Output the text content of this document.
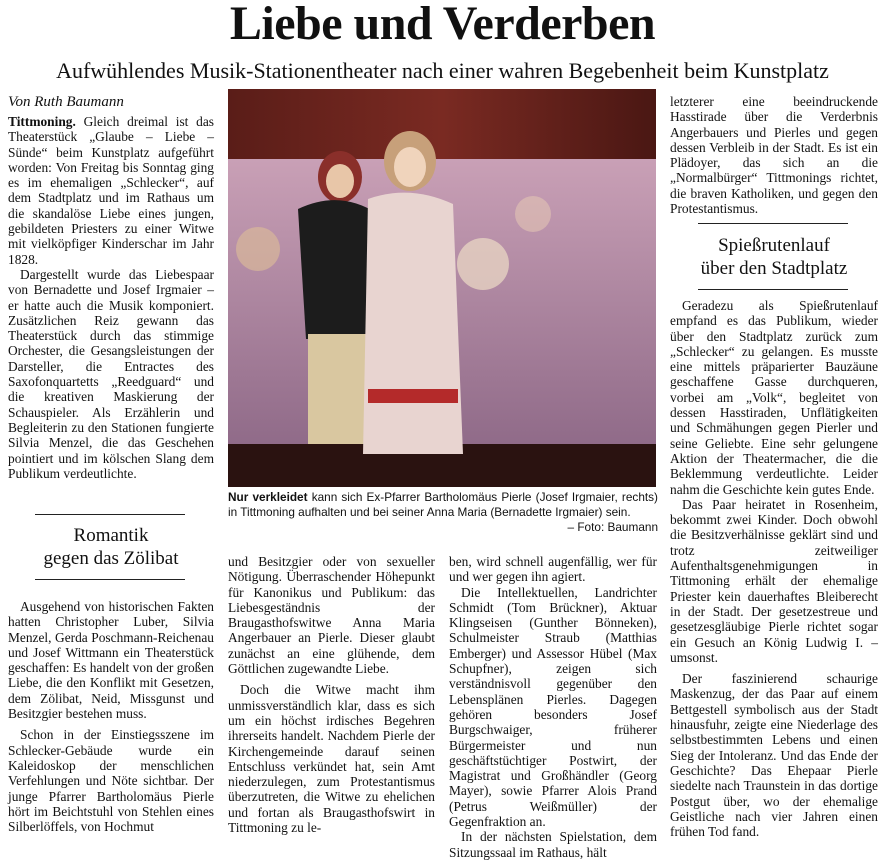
Liebe und Verderben
Aufwühlendes Musik-Stationentheater nach einer wahren Begebenheit beim Kunstplatz
Von Ruth Baumann

Tittmoning. Gleich dreimal ist das Theaterstück „Glaube – Liebe – Sünde“ beim Kunstplatz aufgeführt worden: Von Freitag bis Sonntag ging es im ehemaligen „Schlecker“, auf dem Stadtplatz und im Rathaus um die skandalöse Liebe eines jungen, gebildeten Priesters zu einer Witwe mit vielköpfiger Kinderschar im Jahr 1828.

Dargestellt wurde das Liebespaar von Bernadette und Josef Irgmaier – er hatte auch die Musik komponiert. Zusätzlichen Reiz gewann das Theaterstück durch das stimmige Orchester, die Gesangsleistungen der Darsteller, die Entractes des Saxofonquartetts „Reedguard“ und die kreativen Maskierung der Schauspieler. Als Erzählerin und Begleiterin zu den Stationen fungierte Silvia Menzel, die das Geschehen pointiert und im kölschen Slang dem Publikum verdeutlichte.

Romantik
gegen das Zölibat

Ausgehend von historischen Fakten hatten Christopher Luber, Silvia Menzel, Gerda Poschmann-Reichenau und Josef Wittmann ein Theaterstück geschaffen: Es handelt von der großen Liebe, die den Konflikt mit Gesetzen, dem Zölibat, Neid, Missgunst und Besitzgier bestehen muss.

Schon in der Einstiegsszene im Schlecker-Gebäude wurde ein Kaleidoskop der menschlichen Verfehlungen und Nöte sichtbar. Der junge Pfarrer Bartholomäus Pierle hört im Beichtstuhl von Stehlen eines Silberlöffels, von Hochmut

Nur verkleidet kann sich Ex-Pfarrer Bartholomäus Pierle (Josef Irgmaier, rechts) in Tittmoning aufhalten und bei seiner Anna Maria (Bernadette Irgmaier) sein.
– Foto: Baumann

und Besitzgier oder von sexueller Nötigung. Überraschender Höhepunkt für Kanonikus und Publikum: das Liebesgeständnis der Braugasthofswitwe Anna Maria Angerbauer an Pierle. Dieser glaubt zunächst an eine glühende, dem Göttlichen zugewandte Liebe.

Doch die Witwe macht ihm unmissverständlich klar, dass es sich um ein höchst irdisches Begehren ihrerseits handelt. Nachdem Pierle der Kirchengemeinde darauf seinen Entschluss verkündet hat, sein Amt niederzulegen, zum Protestantismus überzutreten, die Witwe zu ehelichen und fortan als Braugasthofswirt in Tittmoning zu le-

ben, wird schnell augenfällig, wer für und wer gegen ihn agiert.

Die Intellektuellen, Landrichter Schmidt (Tom Brückner), Aktuar Klingseisen (Gunther Bönneken), Schulmeister Straub (Matthias Emberger) und Assessor Hübel (Max Schupfner), zeigen sich verständnisvoll gegenüber den Lebensplänen Pierles. Dagegen gehören besonders Josef Burgschwaiger, früherer Bürgermeister und nun geschäftstüchtiger Postwirt, der Magistrat und Großhändler (Georg Mayer), sowie Pfarrer Alois Prand (Petrus Weißmüller) der Gegenfraktion an.

In der nächsten Spielstation, dem Sitzungssaal im Rathaus, hält

letzterer eine beeindruckende Hasstirade über die Verderbnis Angerbauers und Pierles und gegen dessen Verbleib in der Stadt. Es ist ein Plädoyer, das sich an die „Normalbürger“ Tittmonings richtet, die braven Katholiken, und gegen den Protestantismus.

Spießrutenlauf
über den Stadtplatz

Geradezu als Spießrutenlauf empfand es das Publikum, wieder über den Stadtplatz zurück zum „Schlecker“ zu gelangen. Es musste eine mittels präparierter Bauzäune geschaffene Gasse durchqueren, vorbei am „Volk“, begleitet von dessen Hasstiraden, Unflätigkeiten und Schmähungen gegen Pierler und seine Geliebte. Eine sehr gelungene Aktion der Theatermacher, die die Beklemmung verdeutlichte. Leider nahm die Geschichte kein gutes Ende.

Das Paar heiratet in Rosenheim, bekommt zwei Kinder. Doch obwohl die Besitzverhälnisse geklärt sind und trotz zeitweiliger Aufenthaltsgenehmigungen in Tittmoning erhält der ehemalige Priester kein dauerhaftes Bleiberecht in der Stadt. Der gesetzestreue und gesetzesgläubige Pierle richtet sogar ein Gesuch an König Ludwig I. – umsonst.

Der faszinierend schaurige Maskenzug, der das Paar auf einem Bettgestell symbolisch aus der Stadt hinausfuhr, zeigte eine Niederlage des selbstbestimmten Lebens und einen Sieg der Intoleranz. Und das Ende der Geschichte? Das Ehepaar Pierle siedelte nach Traunstein in das dortige Postgut über, wo der ehemalige Geistliche nach vier Jahren einen frühen Tod fand.
